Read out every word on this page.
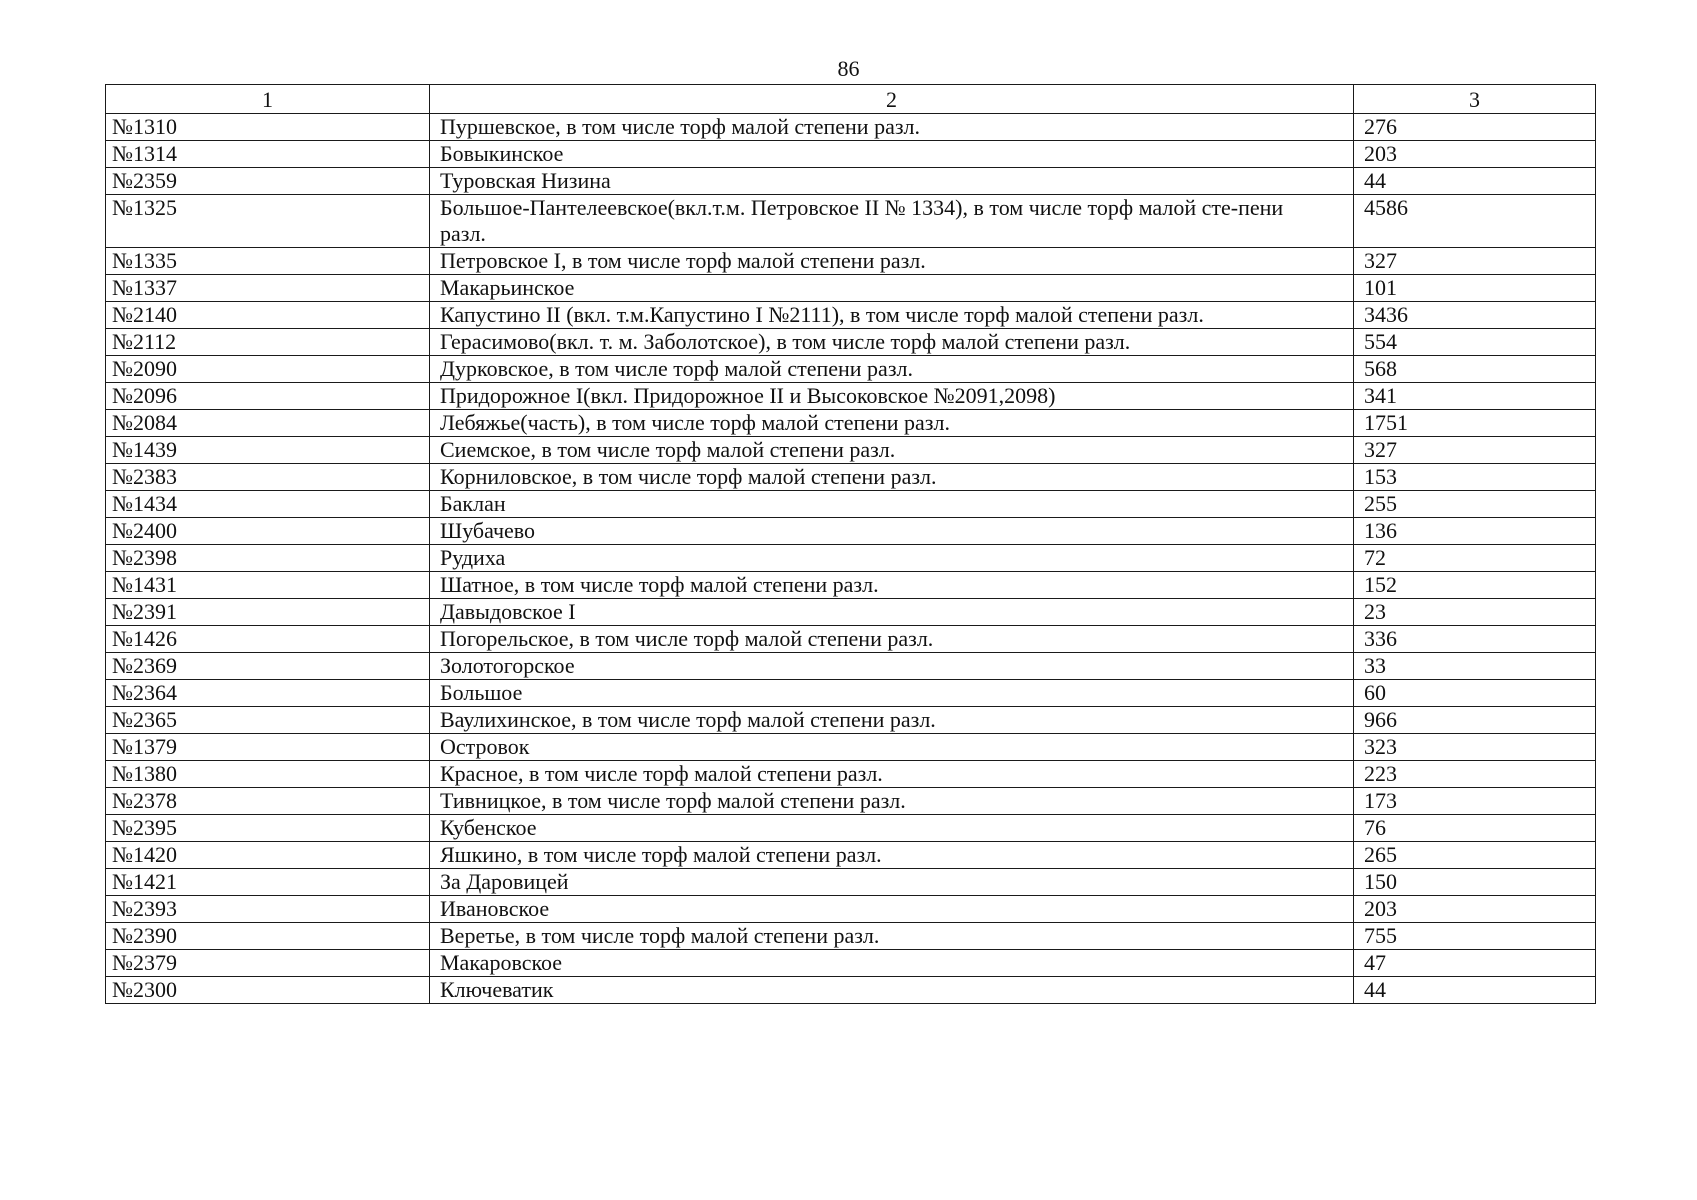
86
1	2	3
№1310	Пуршевское, в том числе торф малой степени разл.	276
№1314	Бовыкинское	203
№2359	Туровская Низина	44
№1325	Большое-Пантелеевское(вкл.т.м. Петровское II № 1334), в том числе торф малой сте-пени разл.	4586
№1335	Петровское I, в том числе торф малой степени разл.	327
№1337	Макарьинское	101
№2140	Капустино II (вкл. т.м.Капустино I №2111), в том числе торф малой степени разл.	3436
№2112	Герасимово(вкл. т. м. Заболотское), в том числе торф малой степени разл.	554
№2090	Дурковское, в том числе торф малой степени разл.	568
№2096	Придорожное I(вкл. Придорожное II и Высоковское №2091,2098)	341
№2084	Лебяжье(часть), в том числе торф малой степени разл.	1751
№1439	Сиемское, в том числе торф малой степени разл.	327
№2383	Корниловское, в том числе торф малой степени разл.	153
№1434	Баклан	255
№2400	Шубачево	136
№2398	Рудиха	72
№1431	Шатное, в том числе торф малой степени разл.	152
№2391	Давыдовское I	23
№1426	Погорельское, в том числе торф малой степени разл.	336
№2369	Золотогорское	33
№2364	Большое	60
№2365	Ваулихинское, в том числе торф малой степени разл.	966
№1379	Островок	323
№1380	Красное, в том числе торф малой степени разл.	223
№2378	Тивницкое, в том числе торф малой степени разл.	173
№2395	Кубенское	76
№1420	Яшкино, в том числе торф малой степени разл.	265
№1421	За Даровицей	150
№2393	Ивановское	203
№2390	Веретье, в том числе торф малой степени разл.	755
№2379	Макаровское	47
№2300	Ключеватик	44
